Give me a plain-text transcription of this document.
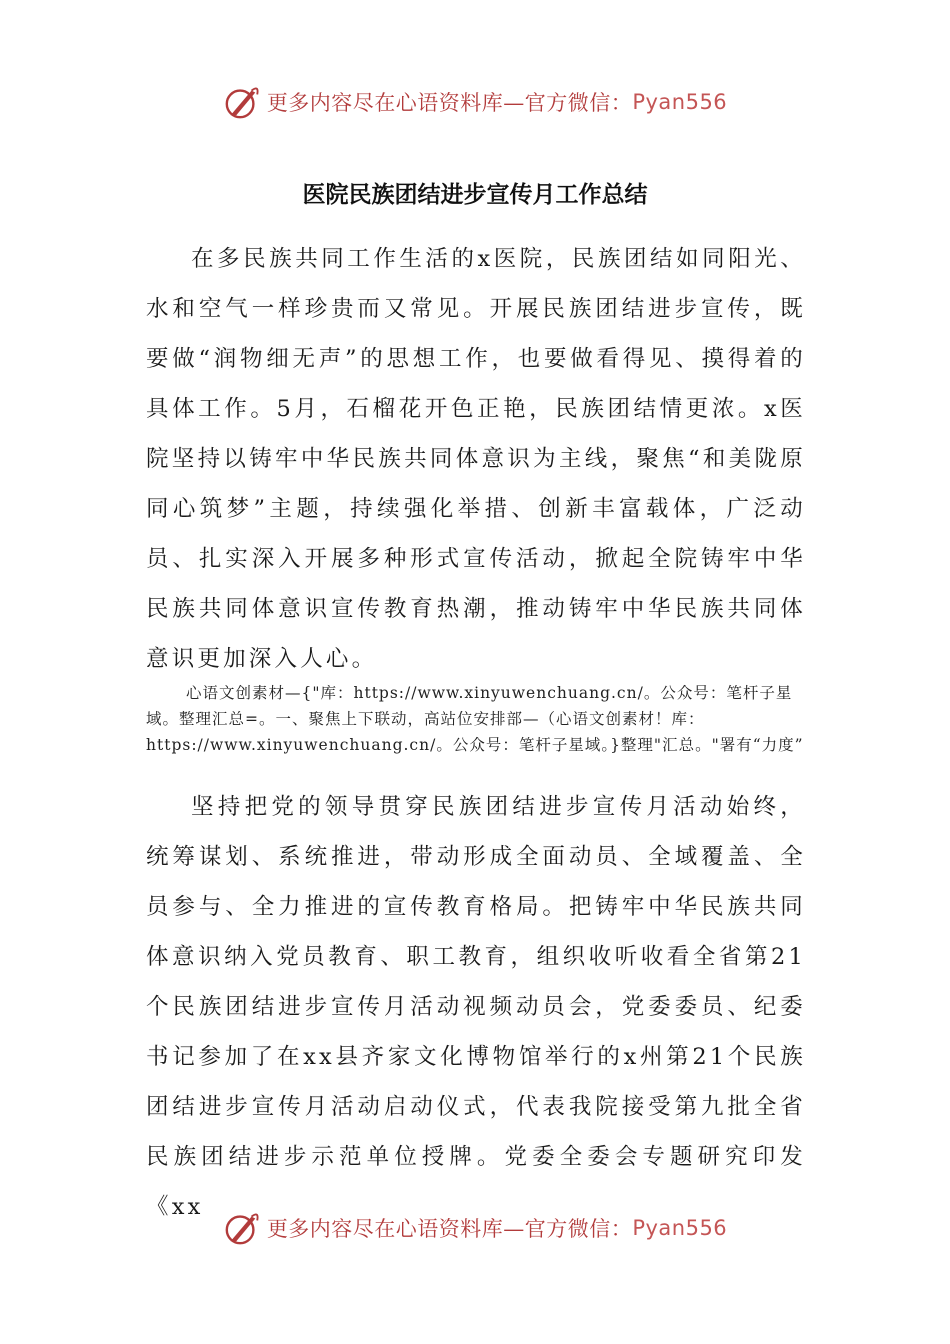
更多内容尽在心语资料库—官方微信： Pyan556
医院民族团结进步宣传月工作总结

在多民族共同工作生活的x医院，民族团结如同阳光、水和空气一样珍贵而又常见。开展民族团结进步宣传，既要做“润物细无声”的思想工作，也要做看得见、摸得着的具体工作。5月，石榴花开色正艳，民族团结情更浓。x医院坚持以铸牢中华民族共同体意识为主线，聚焦“和美陇原同心筑梦”主题，持续强化举措、创新丰富载体，广泛动员、扎实深入开展多种形式宣传活动，掀起全院铸牢中华民族共同体意识宣传教育热潮，推动铸牢中华民族共同体意识更加深入人心。

心语文创素材—{"库：https://www.xinyuwenchuang.cn/。公众号：笔杆子星域。整理汇总=。一、聚焦上下联动，高站位安排部—（心语文创素材！库：https://www.xinyuwenchuang.cn/。公众号：笔杆子星域。}整理"汇总。"署有“力度”

坚持把党的领导贯穿民族团结进步宣传月活动始终，统筹谋划、系统推进，带动形成全面动员、全域覆盖、全员参与、全力推进的宣传教育格局。把铸牢中华民族共同体意识纳入党员教育、职工教育，组织收听收看全省第21个民族团结进步宣传月活动视频动员会，党委委员、纪委书记参加了在xx县齐家文化博物馆举行的x州第21个民族团结进步宣传月活动启动仪式，代表我院接受第九批全省民族团结进步示范单位授牌。党委全委会专题研究印发《xx

更多内容尽在心语资料库—官方微信： Pyan556
